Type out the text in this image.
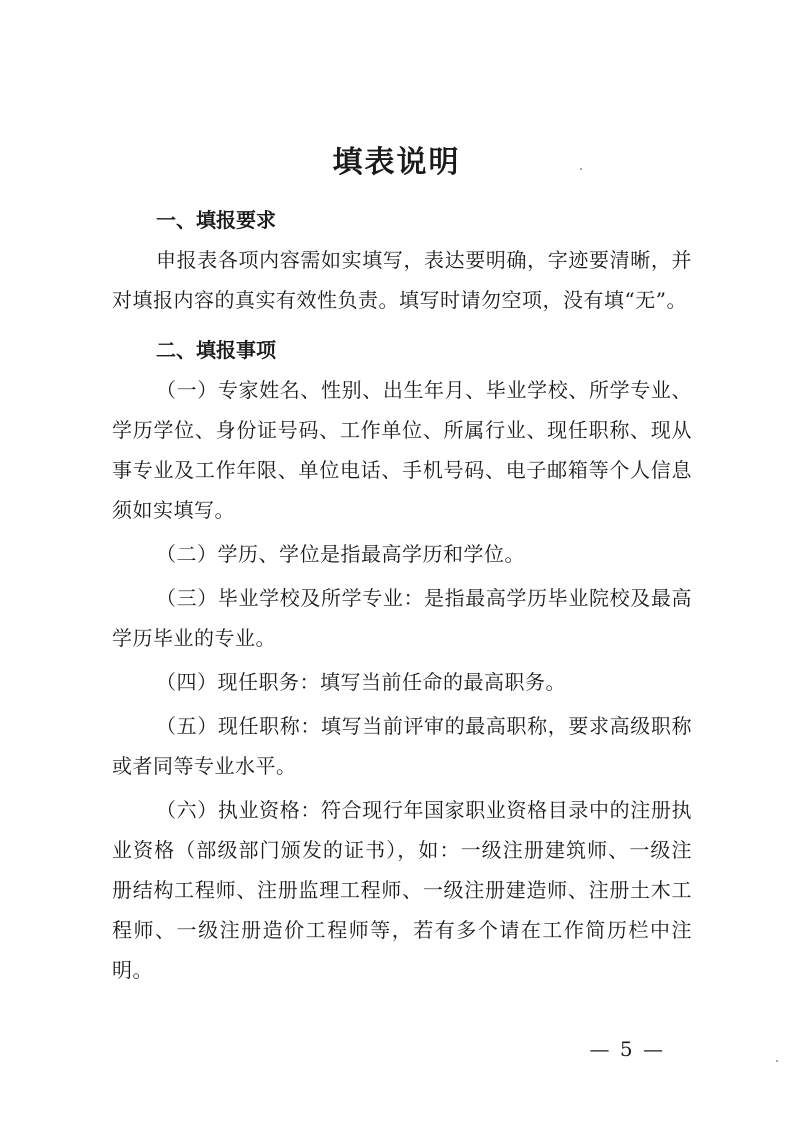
填表说明
一、填报要求

申报表各项内容需如实填写，表达要明确，字迹要清晰，并对填报内容的真实有效性负责。填写时请勿空项，没有填“无”。

二、填报事项

（一）专家姓名、性别、出生年月、毕业学校、所学专业、学历学位、身份证号码、工作单位、所属行业、现任职称、现从事专业及工作年限、单位电话、手机号码、电子邮箱等个人信息须如实填写。

（二）学历、学位是指最高学历和学位。

（三）毕业学校及所学专业：是指最高学历毕业院校及最高学历毕业的专业。

（四）现任职务：填写当前任命的最高职务。

（五）现任职称：填写当前评审的最高职称，要求高级职称或者同等专业水平。

（六）执业资格：符合现行年国家职业资格目录中的注册执业资格（部级部门颁发的证书），如：一级注册建筑师、一级注册结构工程师、注册监理工程师、一级注册建造师、注册土木工程师、一级注册造价工程师等，若有多个请在工作简历栏中注明。

— 5 —
